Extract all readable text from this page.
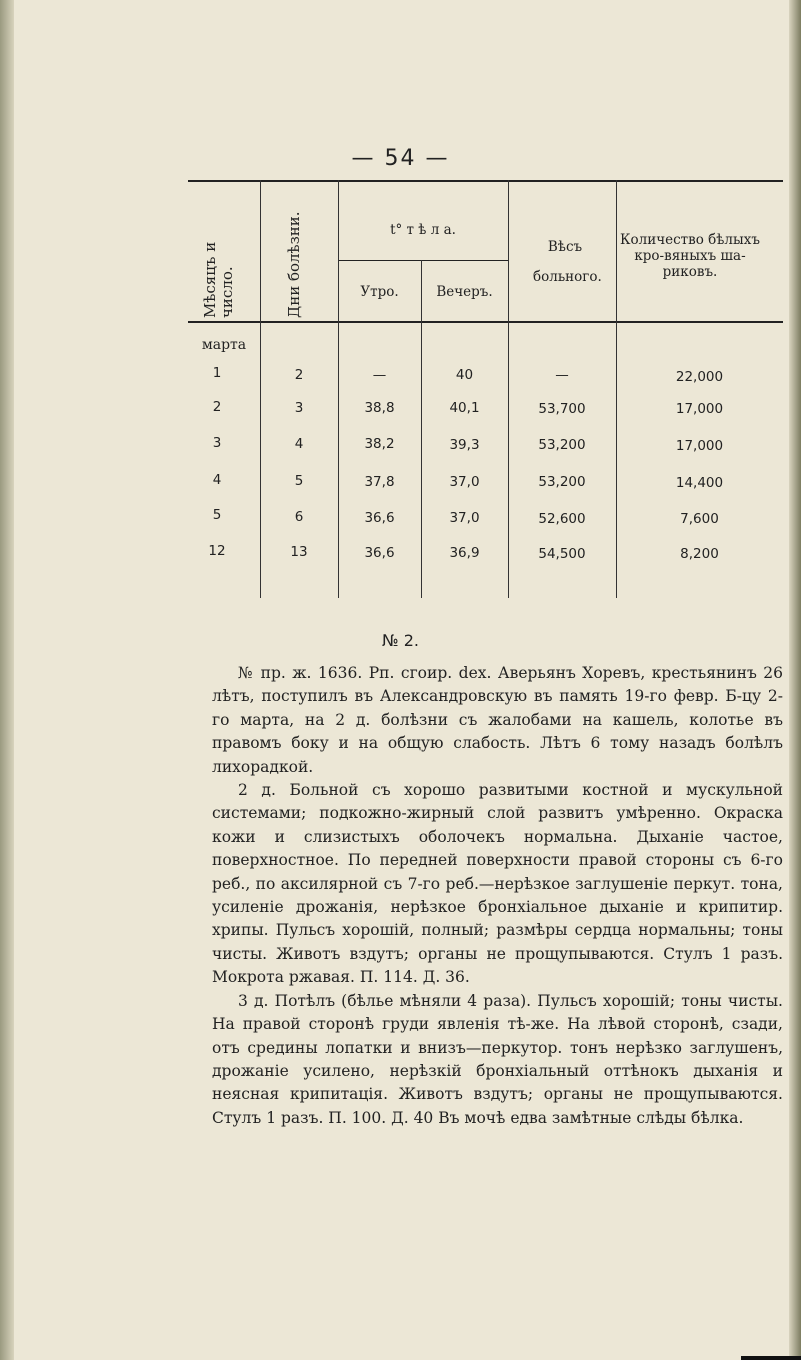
— 54 —
Мѣсяцъ и число.	Дни болѣзни.	t° т ѣ л а.
Утро.	Вечеръ.
Вѣсъ больного.
Количество бѣлыхъ кро-вяныхъ ша-риковъ.
марта
1	2	—	40	—	22,000
2	3	38,8	40,1	53,700	17,000
3	4	38,2	39,3	53,200	17,000
4	5	37,8	37,0	53,200	14,400
5	6	36,6	37,0	52,600	7,600
12	13	36,6	36,9	54,500	8,200
№ 2.

№ пр. ж. 1636. Рп. сгоир. dex. Аверьянъ Хоревъ, крестьянинъ 26 лѣтъ, поступилъ въ Александровскую въ память 19-го февр. Б-цу 2-го марта, на 2 д. болѣзни съ жалобами на кашель, колотье въ правомъ боку и на общую слабость. Лѣтъ 6 тому назадъ болѣлъ лихорадкой.

2 д. Больной съ хорошо развитыми костной и мускульной системами; подкожно-жирный слой развитъ умѣренно. Окраска кожи и слизистыхъ оболочекъ нормальна. Дыханіе частое, поверхностное. По передней поверхности правой стороны съ 6-го реб., по аксилярной съ 7-го реб.—нерѣзкое заглушеніе перкут. тона, усиленіе дрожанія, нерѣзкое бронхіальное дыханіе и крипитир. хрипы. Пульсъ хорошій, полный; размѣры сердца нормальны; тоны чисты. Животъ вздутъ; органы не прощупываются. Стулъ 1 разъ. Мокрота ржавая. П. 114. Д. 36.

3 д. Потѣлъ (бѣлье мѣняли 4 раза). Пульсъ хорошій; тоны чисты. На правой сторонѣ груди явленія тѣ-же. На лѣвой сторонѣ, сзади, отъ средины лопатки и внизъ—перкутор. тонъ нерѣзко заглушенъ, дрожаніе усилено, нерѣзкій бронхіальный оттѣнокъ дыханія и неясная крипитація. Животъ вздутъ; органы не прощупываются. Стулъ 1 разъ. П. 100. Д. 40 Въ мочѣ едва замѣтные слѣды бѣлка.
